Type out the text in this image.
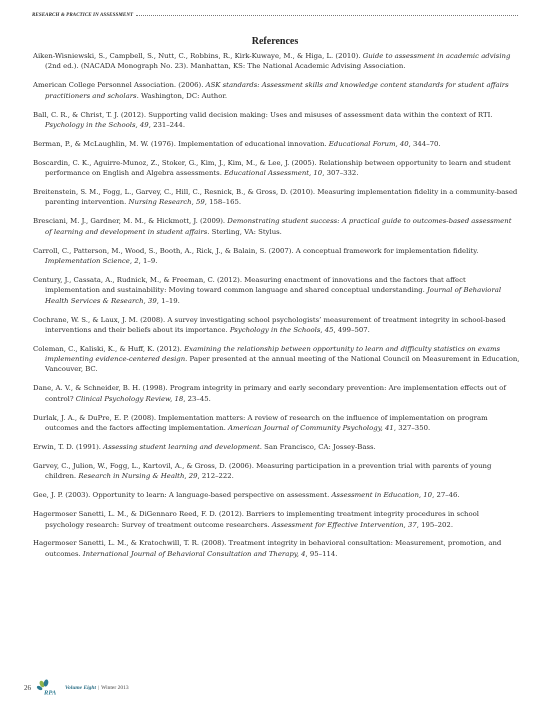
RESEARCH & PRACTICE IN ASSESSMENT
References
Aiken-Wisniewski, S., Campbell, S., Nutt, C., Robbins, R., Kirk-Kuwaye, M., & Higa, L. (2010). Guide to assessment in academic advising (2nd ed.). (NACADA Monograph No. 23). Manhattan, KS: The National Academic Advising Association.
American College Personnel Association. (2006). ASK standards: Assessment skills and knowledge content standards for student affairs practitioners and scholars. Washington, DC: Author.
Ball, C. R., & Christ, T. J. (2012). Supporting valid decision making: Uses and misuses of assessment data within the context of RTI. Psychology in the Schools, 49, 231–244.
Berman, P., & McLaughlin, M. W. (1976). Implementation of educational innovation. Educational Forum, 40, 344–70.
Boscardin, C. K., Aguirre-Munoz, Z., Stoker, G., Kim, J., Kim, M., & Lee, J. (2005). Relationship between opportunity to learn and student performance on English and Algebra assessments. Educational Assessment, 10, 307–332.
Breitenstein, S. M., Fogg, L., Garvey, C., Hill, C., Resnick, B., & Gross, D. (2010). Measuring implementation fidelity in a community-based parenting intervention. Nursing Research, 59, 158–165.
Bresciani, M. J., Gardner, M. M., & Hickmott, J. (2009). Demonstrating student success: A practical guide to outcomes-based assessment of learning and development in student affairs. Sterling, VA: Stylus.
Carroll, C., Patterson, M., Wood, S., Booth, A., Rick, J., & Balain, S. (2007). A conceptual framework for implementation fidelity. Implementation Science, 2, 1–9.
Century, J., Cassata, A., Rudnick, M., & Freeman, C. (2012). Measuring enactment of innovations and the factors that affect implementation and sustainability: Moving toward common language and shared conceptual understanding. Journal of Behavioral Health Services & Research, 39, 1–19.
Cochrane, W. S., & Laux, J. M. (2008). A survey investigating school psychologists’ measurement of treatment integrity in school-based interventions and their beliefs about its importance. Psychology in the Schools, 45, 499–507.
Coleman, C., Kaliski, K., & Huff, K. (2012). Examining the relationship between opportunity to learn and difficulty statistics on exams implementing evidence-centered design. Paper presented at the annual meeting of the National Council on Measurement in Education, Vancouver, BC.
Dane, A. V., & Schneider, B. H. (1998). Program integrity in primary and early secondary prevention: Are implementation effects out of control? Clinical Psychology Review, 18, 23–45.
Durlak, J. A., & DuPre, E. P. (2008). Implementation matters: A review of research on the influence of implementation on program outcomes and the factors affecting implementation. American Journal of Community Psychology, 41, 327–350.
Erwin, T. D. (1991). Assessing student learning and development. San Francisco, CA: Jossey-Bass.
Garvey, C., Julion, W., Fogg, L., Kartovil, A., & Gross, D. (2006). Measuring participation in a prevention trial with parents of young children. Research in Nursing & Health, 29, 212–222.
Gee, J. P. (2003). Opportunity to learn: A language-based perspective on assessment. Assessment in Education, 10, 27–46.
Hagermoser Sanetti, L. M., & DiGennaro Reed, F. D. (2012). Barriers to implementing treatment integrity procedures in school psychology research: Survey of treatment outcome researchers. Assessment for Effective Intervention, 37, 195–202.
Hagermoser Sanetti, L. M., & Kratochwill, T. R. (2008). Treatment integrity in behavioral consultation: Measurement, promotion, and outcomes. International Journal of Behavioral Consultation and Therapy, 4, 95–114.
26
RPA
Volume Eight | Winter 2013
